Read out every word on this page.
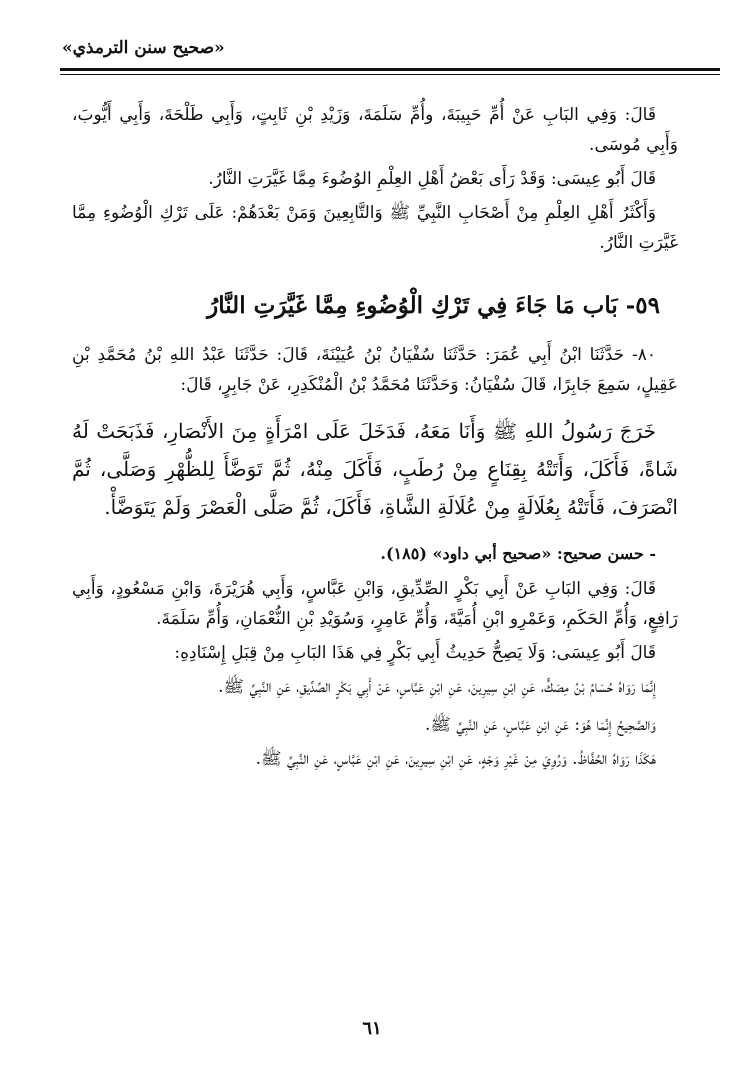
«صحيح سنن الترمذي»

قَالَ: وَفِي البَابِ عَنْ أُمِّ حَبِيبَةَ، وأُمِّ سَلَمَةَ، وَزَيْدِ بْنِ ثَابِتٍ، وَأَبِي طَلْحَةَ، وَأَبِي أَيُّوبَ، وَأَبِي مُوسَى.

قَالَ أَبُو عِيسَى: وَقَدْ رَأَى بَعْضُ أَهْلِ العِلْمِ الوُضُوءَ مِمَّا غَيَّرَتِ النَّارُ.

وَأَكْثَرُ أَهْلِ العِلْمِ مِنْ أَصْحَابِ النَّبِيِّ ﷺ وَالتَّابِعِينَ وَمَنْ بَعْدَهُمْ: عَلَى تَرْكِ الْوُضُوءِ مِمَّا غَيَّرَتِ النَّارُ.

٥٩- بَاب مَا جَاءَ فِي تَرْكِ الْوُضُوءِ مِمَّا غَيَّرَتِ النَّارُ

٨٠- حَدَّثَنَا ابْنُ أَبِي عُمَرَ: حَدَّثَنَا سُفْيَانُ بْنُ عُيَيْنَةَ، قَالَ: حَدَّثَنَا عَبْدُ اللهِ بْنُ مُحَمَّدِ بْنِ عَقِيلٍ، سَمِعَ جَابِرًا، قَالَ سُفْيَانُ: وَحَدَّثَنَا مُحَمَّدُ بْنُ الْمُنْكَدِرِ، عَنْ جَابِرٍ، قَالَ:

خَرَجَ رَسُولُ اللهِ ﷺ وَأَنَا مَعَهُ، فَدَخَلَ عَلَى امْرَأَةٍ مِنَ الأَنْصَارِ، فَذَبَحَتْ لَهُ شَاةً، فَأَكَلَ، وَأَتَتْهُ بِقِنَاعٍ مِنْ رُطَبٍ، فَأَكَلَ مِنْهُ، ثُمَّ تَوَضَّأَ لِلظُّهْرِ وَصَلَّى، ثُمَّ انْصَرَفَ، فَأَتَتْهُ بِعُلَالَةٍ مِنْ عُلَالَةِ الشَّاةِ، فَأَكَلَ، ثُمَّ صَلَّى الْعَصْرَ وَلَمْ يَتَوَضَّأْ.

- حسن صحيح: «صحيح أبي داود» (١٨٥).

قَالَ: وَفِي البَابِ عَنْ أَبِي بَكْرٍ الصِّدِّيقِ، وَابْنِ عَبَّاسٍ، وَأَبِي هُرَيْرَةَ، وَابْنِ مَسْعُودٍ، وَأَبِي رَافِعٍ، وَأُمِّ الحَكَمِ، وَعَمْرِو ابْنِ أُمَيَّةَ، وَأُمِّ عَامِرٍ، وَسُوَيْدِ بْنِ النُّعْمَانِ، وَأُمِّ سَلَمَةَ.

قَالَ أَبُو عِيسَى: وَلَا يَصِحُّ حَدِيثُ أَبِي بَكْرٍ فِي هَذَا البَابِ مِنْ قِبَلِ إِسْنَادِهِ:

إِنَّمَا رَوَاهُ حُسَامُ بْنُ مِصَكٍّ، عَنِ ابْنِ سِيرِينَ، عَنِ ابْنِ عَبَّاسٍ، عَنْ أَبِي بَكْرٍ الصِّدِّيقِ، عَنِ النَّبِيِّ ﷺ.

وَالصَّحِيحُ إِنَّمَا هُوَ: عَنِ ابْنِ عَبَّاسٍ، عَنِ النَّبِيِّ ﷺ.

هَكَذَا رَوَاهُ الحُفَّاظُ. وَرُوِيَ مِنْ غَيْرِ وَجْهٍ، عَنِ ابْنِ سِيرِينَ، عَنِ ابْنِ عَبَّاسٍ، عَنِ النَّبِيِّ ﷺ.

٦١
